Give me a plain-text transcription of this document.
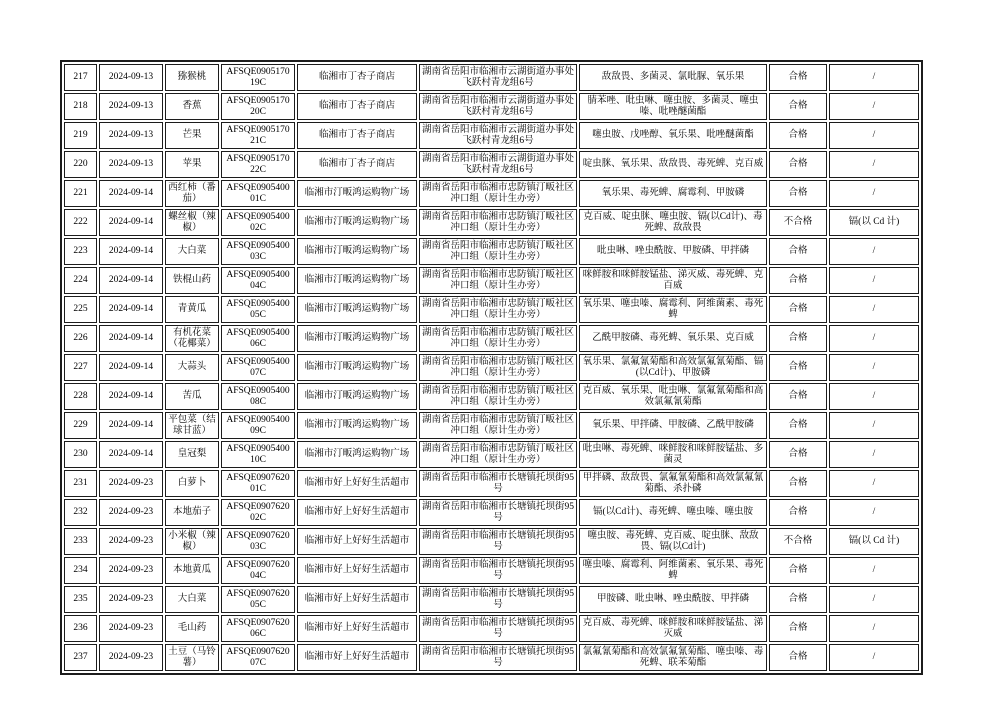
217	2024-09-13	猕猴桃	AFSQE090517019C	临湘市丁杏子商店	湖南省岳阳市临湘市云湖街道办事处飞跃村青龙组6号	敌敌畏、多菌灵、氯吡脲、氧乐果	合格	/
218	2024-09-13	香蕉	AFSQE090517020C	临湘市丁杏子商店	湖南省岳阳市临湘市云湖街道办事处飞跃村青龙组6号	腈苯唑、吡虫啉、噻虫胺、多菌灵、噻虫嗪、吡唑醚菌酯	合格	/
219	2024-09-13	芒果	AFSQE090517021C	临湘市丁杏子商店	湖南省岳阳市临湘市云湖街道办事处飞跃村青龙组6号	噻虫胺、戊唑醇、氧乐果、吡唑醚菌酯	合格	/
220	2024-09-13	苹果	AFSQE090517022C	临湘市丁杏子商店	湖南省岳阳市临湘市云湖街道办事处飞跃村青龙组6号	啶虫脒、氧乐果、敌敌畏、毒死蜱、克百威	合格	/
221	2024-09-14	西红柿（番茄）	AFSQE090540001C	临湘市汀畈鸿运购物广场	湖南省岳阳市临湘市忠防镇汀畈社区冲口组（原计生办旁）	氧乐果、毒死蜱、腐霉利、甲胺磷	合格	/
222	2024-09-14	螺丝椒（辣椒）	AFSQE090540002C	临湘市汀畈鸿运购物广场	湖南省岳阳市临湘市忠防镇汀畈社区冲口组（原计生办旁）	克百威、啶虫脒、噻虫胺、镉(以Cd计)、毒死蜱、敌敌畏	不合格	镉(以 Cd 计)
223	2024-09-14	大白菜	AFSQE090540003C	临湘市汀畈鸿运购物广场	湖南省岳阳市临湘市忠防镇汀畈社区冲口组（原计生办旁）	吡虫啉、唑虫酰胺、甲胺磷、甲拌磷	合格	/
224	2024-09-14	铁棍山药	AFSQE090540004C	临湘市汀畈鸿运购物广场	湖南省岳阳市临湘市忠防镇汀畈社区冲口组（原计生办旁）	咪鲜胺和咪鲜胺锰盐、涕灭威、毒死蜱、克百威	合格	/
225	2024-09-14	青黄瓜	AFSQE090540005C	临湘市汀畈鸿运购物广场	湖南省岳阳市临湘市忠防镇汀畈社区冲口组（原计生办旁）	氧乐果、噻虫嗪、腐霉利、阿维菌素、毒死蜱	合格	/
226	2024-09-14	有机花菜（花椰菜）	AFSQE090540006C	临湘市汀畈鸿运购物广场	湖南省岳阳市临湘市忠防镇汀畈社区冲口组（原计生办旁）	乙酰甲胺磷、毒死蜱、氧乐果、克百威	合格	/
227	2024-09-14	大蒜头	AFSQE090540007C	临湘市汀畈鸿运购物广场	湖南省岳阳市临湘市忠防镇汀畈社区冲口组（原计生办旁）	氧乐果、氯氟氰菊酯和高效氯氟氰菊酯、镉(以Cd计)、甲胺磷	合格	/
228	2024-09-14	苦瓜	AFSQE090540008C	临湘市汀畈鸿运购物广场	湖南省岳阳市临湘市忠防镇汀畈社区冲口组（原计生办旁）	克百威、氧乐果、吡虫啉、氯氟氰菊酯和高效氯氟氰菊酯	合格	/
229	2024-09-14	平包菜（结球甘蓝）	AFSQE090540009C	临湘市汀畈鸿运购物广场	湖南省岳阳市临湘市忠防镇汀畈社区冲口组（原计生办旁）	氧乐果、甲拌磷、甲胺磷、乙酰甲胺磷	合格	/
230	2024-09-14	皇冠梨	AFSQE090540010C	临湘市汀畈鸿运购物广场	湖南省岳阳市临湘市忠防镇汀畈社区冲口组（原计生办旁）	吡虫啉、毒死蜱、咪鲜胺和咪鲜胺锰盐、多菌灵	合格	/
231	2024-09-23	白萝卜	AFSQE090762001C	临湘市好上好好生活超市	湖南省岳阳市临湘市长塘镇托坝街95号	甲拌磷、敌敌畏、氯氟氰菊酯和高效氯氟氰菊酯、杀扑磷	合格	/
232	2024-09-23	本地茄子	AFSQE090762002C	临湘市好上好好生活超市	湖南省岳阳市临湘市长塘镇托坝街95号	镉(以Cd计)、毒死蜱、噻虫嗪、噻虫胺	合格	/
233	2024-09-23	小米椒（辣椒）	AFSQE090762003C	临湘市好上好好生活超市	湖南省岳阳市临湘市长塘镇托坝街95号	噻虫胺、毒死蜱、克百威、啶虫脒、敌敌畏、镉(以Cd计)	不合格	镉(以 Cd 计)
234	2024-09-23	本地黄瓜	AFSQE090762004C	临湘市好上好好生活超市	湖南省岳阳市临湘市长塘镇托坝街95号	噻虫嗪、腐霉利、阿维菌素、氧乐果、毒死蜱	合格	/
235	2024-09-23	大白菜	AFSQE090762005C	临湘市好上好好生活超市	湖南省岳阳市临湘市长塘镇托坝街95号	甲胺磷、吡虫啉、唑虫酰胺、甲拌磷	合格	/
236	2024-09-23	毛山药	AFSQE090762006C	临湘市好上好好生活超市	湖南省岳阳市临湘市长塘镇托坝街95号	克百威、毒死蜱、咪鲜胺和咪鲜胺锰盐、涕灭威	合格	/
237	2024-09-23	土豆（马铃薯）	AFSQE090762007C	临湘市好上好好生活超市	湖南省岳阳市临湘市长塘镇托坝街95号	氯氟氰菊酯和高效氯氟氰菊酯、噻虫嗪、毒死蜱、联苯菊酯	合格	/
